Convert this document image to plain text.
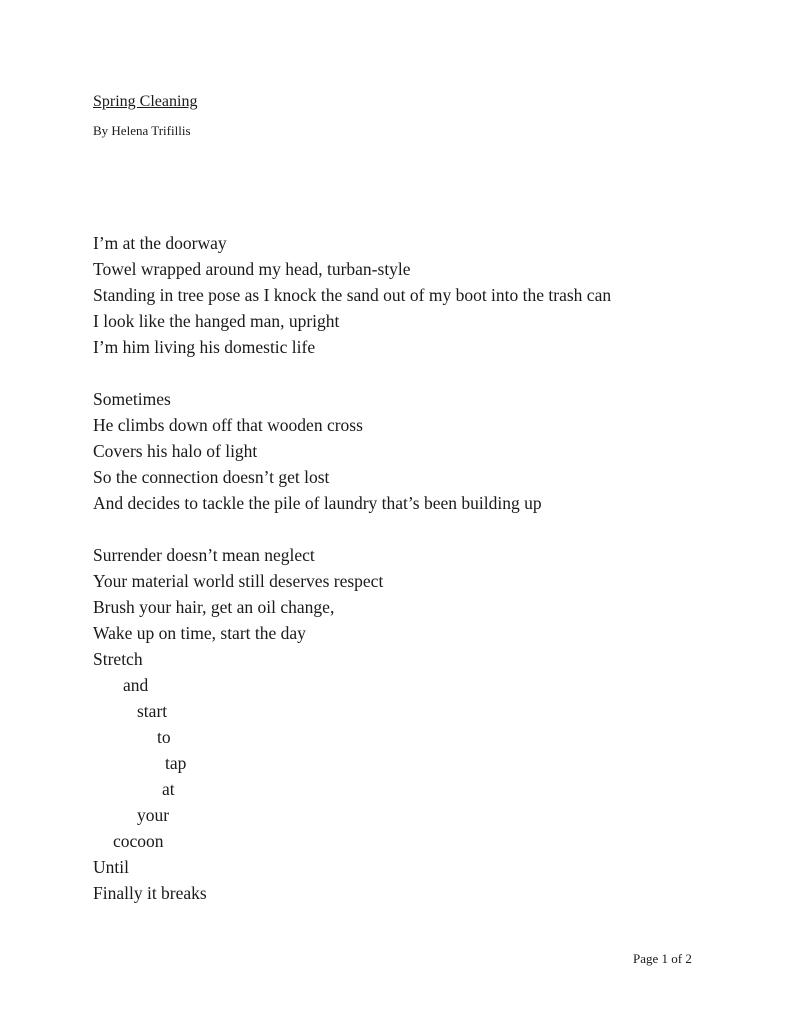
Spring Cleaning
By Helena Trifillis
I’m at the doorway
Towel wrapped around my head, turban-style
Standing in tree pose as I knock the sand out of my boot into the trash can
I look like the hanged man, upright
I’m him living his domestic life
Sometimes
He climbs down off that wooden cross
Covers his halo of light
So the connection doesn’t get lost
And decides to tackle the pile of laundry that’s been building up
Surrender doesn’t mean neglect
Your material world still deserves respect
Brush your hair, get an oil change,
Wake up on time, start the day
Stretch
and
start
to
tap
at
your
cocoon
Until
Finally it breaks
Page 1 of 2
